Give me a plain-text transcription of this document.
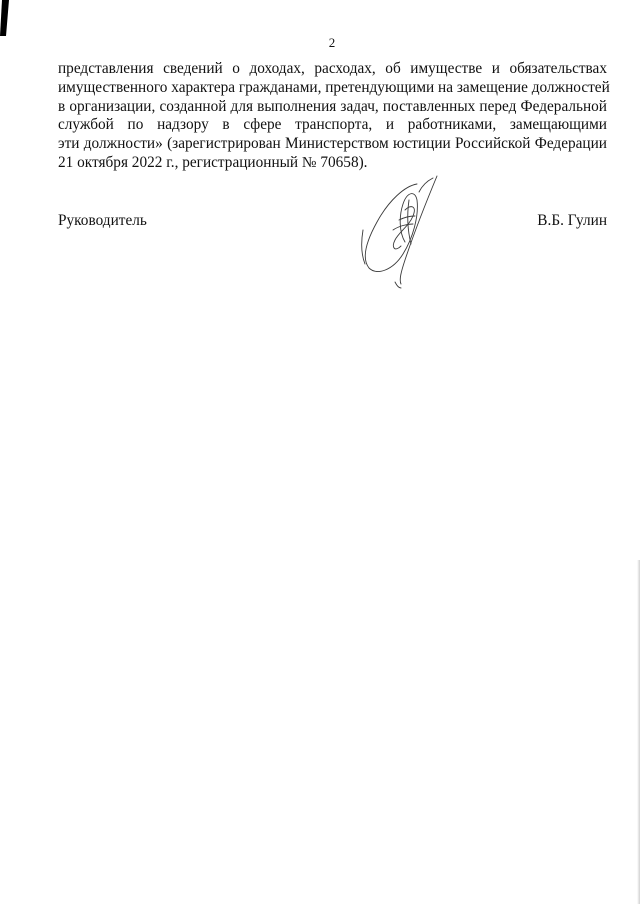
2
представления сведений о доходах, расходах, об имуществе и обязательствах
имущественного характера гражданами, претендующими на замещение должностей
в организации, созданной для выполнения задач, поставленных перед Федеральной
службой по надзору в сфере транспорта, и работниками, замещающими
эти должности» (зарегистрирован Министерством юстиции Российской Федерации
21 октября 2022 г., регистрационный № 70658).
Руководитель	В.Б. Гулин
